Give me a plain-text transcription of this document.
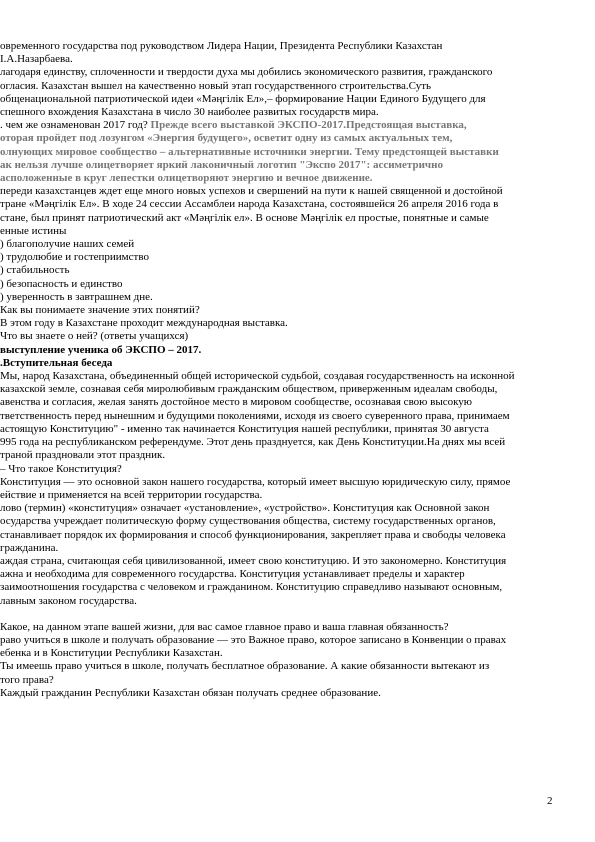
овременного государства под руководством Лидера Нации, Президента Республики Казахстан

І.А.Назарбаева.

лагодаря единству, сплоченности и твердости духа мы добились экономического развития, гражданского

огласия. Казахстан вышел на качественно новый этап государственного строительства.Суть

общенациональной патриотической идеи «Мәңгілік Ел»,– формирование Нации Единого Будущего для

спешного вхождения Казахстана в число 30 наиболее развитых государств мира.

. чем же ознаменован 2017 год? Прежде всего выставкой ЭКСПО-2017.Предстоящая выставка,

оторая пройдет под лозунгом «Энергия будущего», осветит одну из самых актуальных тем,

олнующих мировое сообщество – альтернативные источники энергии. Тему предстоящей выставки

ак нельзя лучше олицетворяет яркий лаконичный логотип "Экспо 2017": ассиметрично

асположенные в круг лепестки олицетворяют энергию и вечное движение.

переди казахстанцев ждет еще много новых успехов и свершений на пути к нашей священной и достойной

тране «Мәңгілік Ел». В ходе 24 сессии Ассамблеи народа Казахстана, состоявшейся 26 апреля 2016 года в

стане, был принят патриотический акт «Мәңгілік ел». В основе Мәңгілік ел простые, понятные и самые

енные истины

) благополучие наших семей

) трудолюбие и гостеприимство

) стабильность

) безопасность и единство

) уверенность в завтрашнем дне.

Как вы понимаете значение этих понятий?

В этом году в Казахстане проходит международная выставка.

Что вы знаете о ней? (ответы учащихся)

выступление ученика об ЭКСПО – 2017.

.Вступительная беседа

Мы, народ Казахстана, объединенный общей исторической судьбой, создавая государственность на исконной

казахской земле, сознавая себя миролюбивым гражданским обществом, приверженным идеалам свободы,

авенства и согласия, желая занять достойное место в мировом сообществе, осознавая свою высокую

тветственность перед нынешним и будущими поколениями, исходя из своего суверенного права, принимаем

астоящую Конституцию" - именно так начинается Конституция нашей республики, принятая 30 августа

995 года на республиканском референдуме. Этот день празднуется, как День Конституции.На днях мы всей

траной праздновали этот праздник.

– Что такое Конституция?

Конституция — это основной закон нашего государства, который имеет высшую юридическую силу, прямое

ействие и применяется на всей территории государства.

лово (термин) «конституция» означает «установление», «устройство». Конституция как Основной закон

осударства учреждает политическую форму существования общества, систему государственных органов,

станавливает порядок их формирования и способ функционирования, закрепляет права и свободы человека

гражданина.

аждая страна, считающая себя цивилизованной, имеет свою конституцию. И это закономерно. Конституция

ажна и необходима для современного государства. Конституция устанавливает пределы и характер

заимоотношения государства с человеком и гражданином. Конституцию справедливо называют основным,

лавным законом государства.

Какое, на данном этапе вашей жизни, для вас самое главное право и ваша главная обязанность?

раво учиться в школе и получать образование — это Важное право, которое записано в Конвенции о правах

ебенка и в Конституции Республики Казахстан.

Ты имеешь право учиться в школе, получать бесплатное образование. А какие обязанности вытекают из

того права?

Каждый гражданин Республики Казахстан обязан получать среднее образование.

2
